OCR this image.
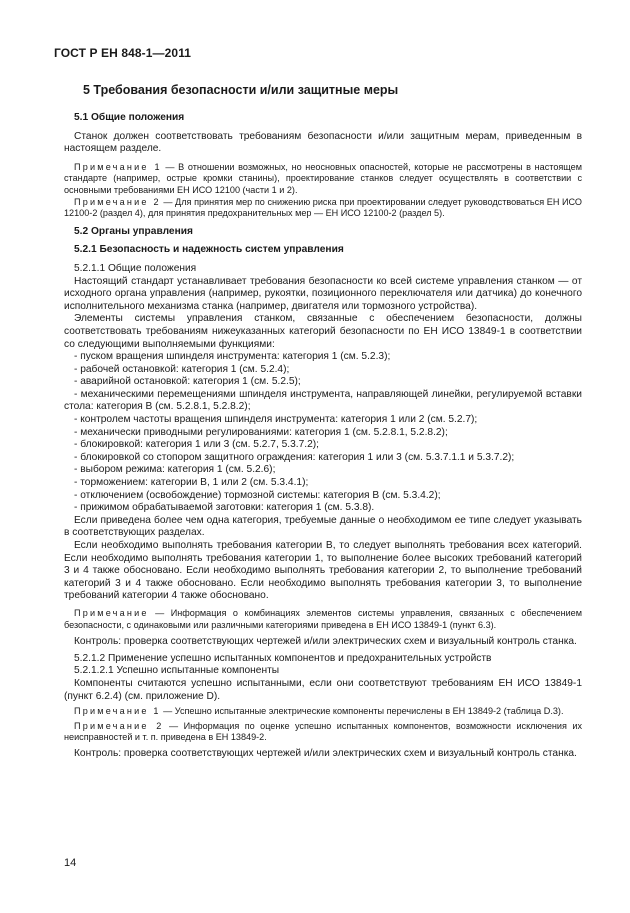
ГОСТ Р ЕН 848-1—2011

5 Требования безопасности и/или защитные меры

5.1 Общие положения

Станок должен соответствовать требованиям безопасности и/или защитным мерам, приведенным в настоящем разделе.

Примечание 1 — В отношении возможных, но неосновных опасностей, которые не рассмотрены в настоящем стандарте (например, острые кромки станины), проектирование станков следует осуществлять в соответствии с основными требованиями ЕН ИСО 12100 (части 1 и 2).

Примечание 2 — Для принятия мер по снижению риска при проектировании следует руководствоваться ЕН ИСО 12100-2 (раздел 4), для принятия предохранительных мер — ЕН ИСО 12100-2 (раздел 5).

5.2 Органы управления

5.2.1 Безопасность и надежность систем управления

5.2.1.1 Общие положения

Настоящий стандарт устанавливает требования безопасности ко всей системе управления станком — от исходного органа управления (например, рукоятки, позиционного переключателя или датчика) до конечного исполнительного механизма станка (например, двигателя или тормозного устройства).

Элементы системы управления станком, связанные с обеспечением безопасности, должны соответствовать требованиям нижеуказанных категорий безопасности по ЕН ИСО 13849-1 в соответствии со следующими выполняемыми функциями:

- пуском вращения шпинделя инструмента: категория 1 (см. 5.2.3);

- рабочей остановкой: категория 1 (см. 5.2.4);

- аварийной остановкой: категория 1 (см. 5.2.5);

- механическими перемещениями шпинделя инструмента, направляющей линейки, регулируемой вставки стола: категория В (см. 5.2.8.1, 5.2.8.2);

- контролем частоты вращения шпинделя инструмента: категория 1 или 2 (см. 5.2.7);

- механически приводными регулированиями: категория 1 (см. 5.2.8.1, 5.2.8.2);

- блокировкой: категория 1 или 3 (см. 5.2.7, 5.3.7.2);

- блокировкой со стопором защитного ограждения: категория 1 или 3 (см. 5.3.7.1.1 и 5.3.7.2);

- выбором режима: категория 1 (см. 5.2.6);

- торможением: категории В, 1 или 2 (см. 5.3.4.1);

- отключением (освобождение) тормозной системы: категория В (см. 5.3.4.2);

- прижимом обрабатываемой заготовки: категория 1 (см. 5.3.8).

Если приведена более чем одна категория, требуемые данные о необходимом ее типе следует указывать в соответствующих разделах.

Если необходимо выполнять требования категории В, то следует выполнять требования всех категорий. Если необходимо выполнять требования категории 1, то выполнение более высоких требований категорий 3 и 4 также обосновано. Если необходимо выполнять требования категории 2, то выполнение требований категорий 3 и 4 также обосновано. Если необходимо выполнять требования категории 3, то выполнение требований категории 4 также обосновано.

Примечание — Информация о комбинациях элементов системы управления, связанных с обеспечением безопасности, с одинаковыми или различными категориями приведена в ЕН ИСО 13849-1 (пункт 6.3).

Контроль: проверка соответствующих чертежей и/или электрических схем и визуальный контроль станка.

5.2.1.2 Применение успешно испытанных компонентов и предохранительных устройств

5.2.1.2.1 Успешно испытанные компоненты

Компоненты считаются успешно испытанными, если они соответствуют требованиям ЕН ИСО 13849-1 (пункт 6.2.4) (см. приложение D).

Примечание 1 — Успешно испытанные электрические компоненты перечислены в ЕН 13849-2 (таблица D.3).

Примечание 2 — Информация по оценке успешно испытанных компонентов, возможности исключения их неисправностей и т. п. приведена в ЕН 13849-2.

Контроль: проверка соответствующих чертежей и/или электрических схем и визуальный контроль станка.

14
